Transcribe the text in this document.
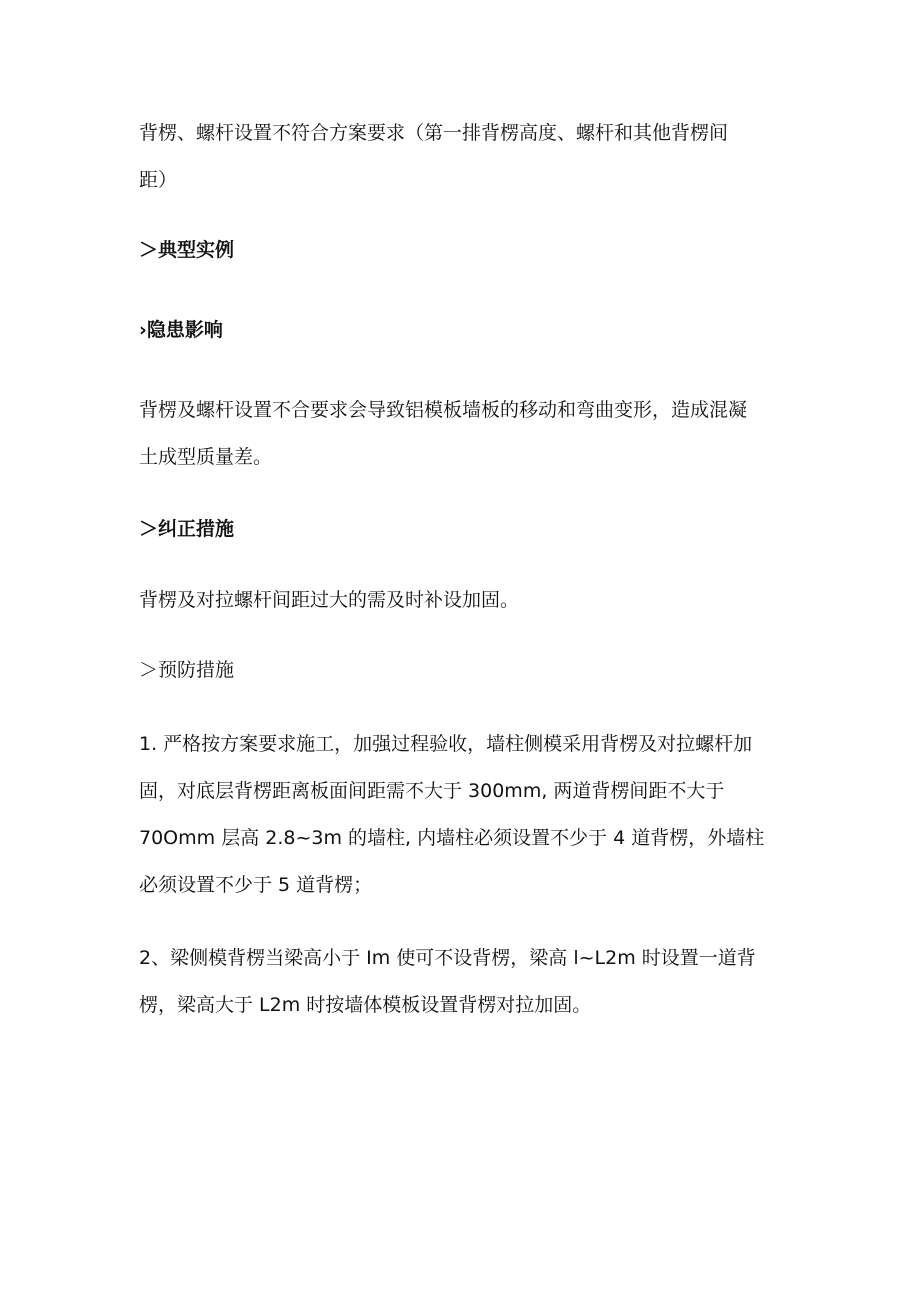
背楞、螺杆设置不符合方案要求（第一排背楞高度、螺杆和其他背楞间
距）

＞典型实例

›隐患影响

背楞及螺杆设置不合要求会导致铝模板墙板的移动和弯曲变形，造成混凝
土成型质量差。

＞纠正措施

背楞及对拉螺杆间距过大的需及时补设加固。

＞预防措施

1. 严格按方案要求施工，加强过程验收，墙柱侧模采用背楞及对拉螺杆加
固，对底层背楞距离板面间距需不大于 300mm, 两道背楞间距不大于
70Omm 层高 2.8~3m 的墙柱, 内墙柱必须设置不少于 4 道背楞，外墙柱
必须设置不少于 5 道背楞；

2、梁侧模背楞当梁高小于 Im 使可不设背楞，梁高 l~L2m 时设置一道背
楞，梁高大于 L2m 时按墙体模板设置背楞对拉加固。
